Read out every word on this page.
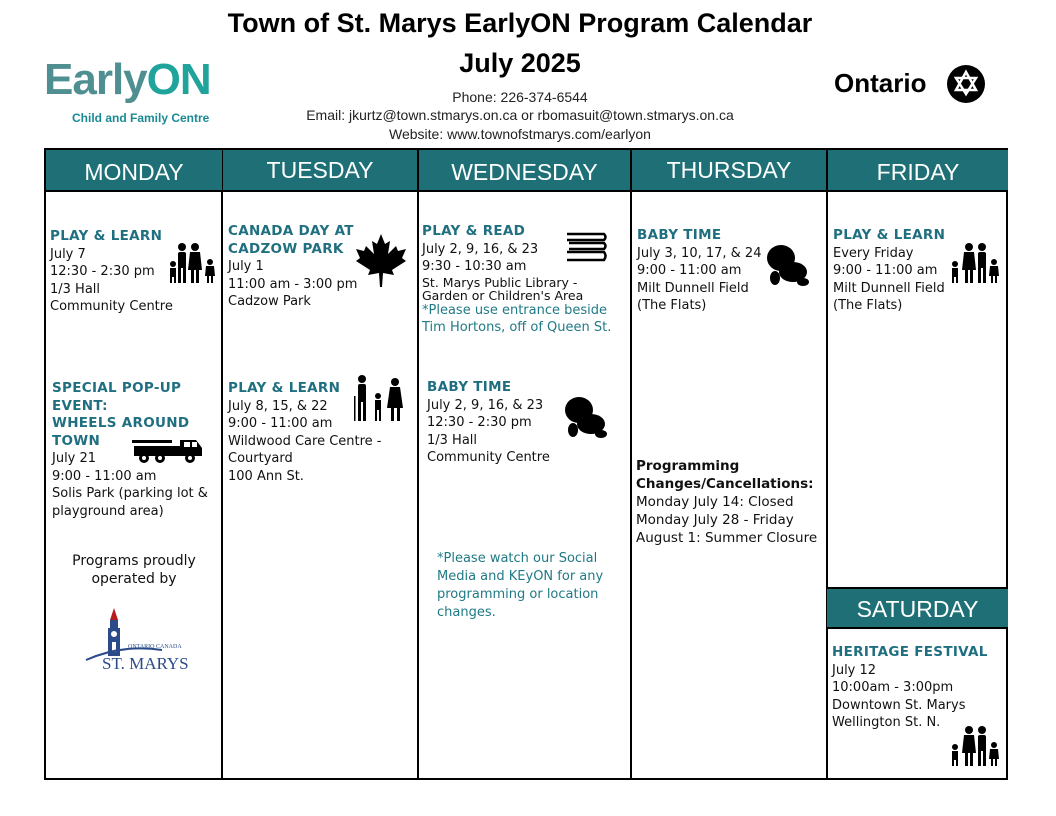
Town of St. Marys EarlyON Program Calendar
July 2025
Phone: 226-374-6544
Email: jkurtz@town.stmarys.on.ca or rbomasuit@town.stmarys.on.ca
Website: www.townofstmarys.com/earlyon
EarlyON
Child and Family Centre
Ontario
MONDAY	TUESDAY	WEDNESDAY	THURSDAY	FRIDAY
PLAY & LEARN
July 7
12:30 - 2:30 pm
1/3 Hall
Community Centre
SPECIAL POP-UP
EVENT:
WHEELS AROUND
TOWN
July 21
9:00 - 11:00 am
Solis Park (parking lot &
playground area)
Programs proudly
operated by
ONTARIO CANADA
ST. MARYS
CANADA DAY AT
CADZOW PARK
July 1
11:00 am - 3:00 pm
Cadzow Park
PLAY & LEARN
July 8, 15, & 22
9:00 - 11:00 am
Wildwood Care Centre -
Courtyard
100 Ann St.
PLAY & READ
July 2, 9, 16, & 23
9:30 - 10:30 am
St. Marys Public Library -
Garden or Children's Area
*Please use entrance beside
Tim Hortons, off of Queen St.
BABY TIME
July 2, 9, 16, & 23
12:30 - 2:30 pm
1/3 Hall
Community Centre
*Please watch our Social
Media and KEyON for any
programming or location
changes.
BABY TIME
July 3, 10, 17, & 24
9:00 - 11:00 am
Milt Dunnell Field
(The Flats)
Programming
Changes/Cancellations:
Monday July 14: Closed
Monday July 28 - Friday
August 1: Summer Closure
PLAY & LEARN
Every Friday
9:00 - 11:00 am
Milt Dunnell Field
(The Flats)
SATURDAY
HERITAGE FESTIVAL
July 12
10:00am - 3:00pm
Downtown St. Marys
Wellington St. N.
